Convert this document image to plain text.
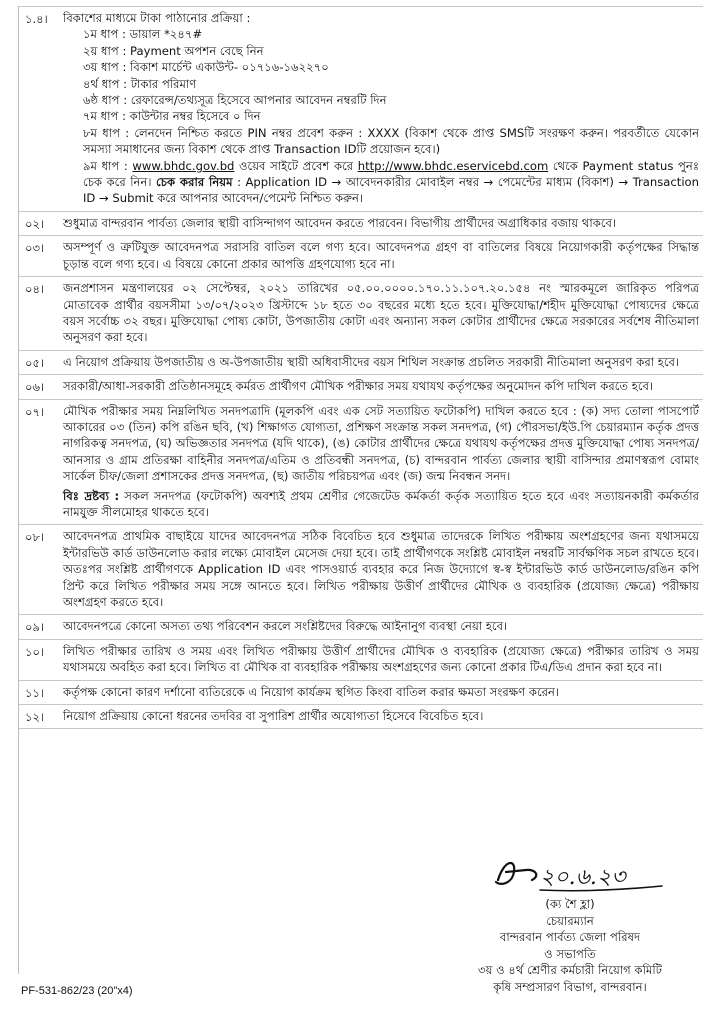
১.৪।	বিকাশের মাধ্যমে টাকা পাঠানোর প্রক্রিয়া :
১ম ধাপ : ডায়াল *২৪৭#
২য় ধাপ : Payment অপশন বেছে নিন
৩য় ধাপ : বিকাশ মার্চেন্ট একাউন্ট- ০১৭১৬-১৬২২৭০
৪র্থ ধাপ : টাকার পরিমাণ
৬ষ্ঠ ধাপ : রেফারেন্স/তথ্যসূত্র হিসেবে আপনার আবেদন নম্বরটি দিন
৭ম ধাপ : কাউন্টার নম্বর হিসেবে ০ দিন
৮ম ধাপ : লেনদেন নিশ্চিত করতে PIN নম্বর প্রবেশ করুন : XXXX (বিকাশ থেকে প্রাপ্ত SMSটি সংরক্ষণ করুন। পরবর্তীতে যেকোন সমস্যা সমাধানের জন্য বিকাশ থেকে প্রাপ্ত Transaction IDটি প্রয়োজন হবে।)
৯ম ধাপ : www.bhdc.gov.bd ওয়েব সাইটে প্রবেশ করে http://www.bhdc.eservicebd.com থেকে Payment status পুনঃ চেক করে নিন। চেক করার নিয়ম : Application ID → আবেদনকারীর মোবাইল নম্বর → পেমেন্টের মাধ্যম (বিকাশ) → Transaction ID → Submit করে আপনার আবেদন/পেমেন্ট নিশ্চিত করুন।
০২।	শুধুমাত্র বান্দরবান পার্বত্য জেলার স্থায়ী বাসিন্দাগণ আবেদন করতে পারবেন। বিভাগীয় প্রার্থীদের অগ্রাধিকার বজায় থাকবে।
০৩।	অসম্পূর্ণ ও ত্রুটিযুক্ত আবেদনপত্র সরাসরি বাতিল বলে গণ্য হবে। আবেদনপত্র গ্রহণ বা বাতিলের বিষয়ে নিয়োগকারী কর্তৃপক্ষের সিদ্ধান্ত চূড়ান্ত বলে গণ্য হবে। এ বিষয়ে কোনো প্রকার আপত্তি গ্রহণযোগ্য হবে না।
০৪।	জনপ্রশাসন মন্ত্রণালয়ের ০২ সেপ্টেম্বর, ২০২১ তারিখের ০৫.০০.০০০০.১৭০.১১.১০৭.২০.১৫৪ নং স্মারকমূলে জারিকৃত পরিপত্র মোতাবেক প্রার্থীর বয়সসীমা ১৩/০৭/২০২৩ খ্রিস্টাব্দে ১৮ হতে ৩০ বছরের মধ্যে হতে হবে। মুক্তিযোদ্ধা/শহীদ মুক্তিযোদ্ধা পোষ্যদের ক্ষেত্রে বয়স সর্বোচ্চ ৩২ বছর। মুক্তিযোদ্ধা পোষ্য কোটা, উপজাতীয় কোটা এবং অন্যান্য সকল কোটার প্রার্থীদের ক্ষেত্রে সরকারের সর্বশেষ নীতিমালা অনুসরণ করা হবে।
০৫।	এ নিয়োগ প্রক্রিয়ায় উপজাতীয় ও অ-উপজাতীয় স্থায়ী অধিবাসীদের বয়স শিথিল সংক্রান্ত প্রচলিত সরকারী নীতিমালা অনুসরণ করা হবে।
০৬।	সরকারী/আধা-সরকারী প্রতিষ্ঠানসমূহে কর্মরত প্রার্থীগণ মৌখিক পরীক্ষার সময় যথাযথ কর্তৃপক্ষের অনুমোদন কপি দাখিল করতে হবে।
০৭।	মৌখিক পরীক্ষার সময় নিম্নলিখিত সনদপত্রাদি (মূলকপি এবং এক সেট সত্যায়িত ফটোকপি) দাখিল করতে হবে : (ক) সদ্য তোলা পাসপোর্ট আকারের ০৩ (তিন) কপি রঙিন ছবি, (খ) শিক্ষাগত যোগ্যতা, প্রশিক্ষণ সংক্রান্ত সকল সনদপত্র, (গ) পৌরসভা/ইউ.পি চেয়ারম্যান কর্তৃক প্রদত্ত নাগরিকত্ব সনদপত্র, (ঘ) অভিজ্ঞতার সনদপত্র (যদি থাকে), (ঙ) কোটার প্রার্থীদের ক্ষেত্রে যথাযথ কর্তৃপক্ষের প্রদত্ত মুক্তিযোদ্ধা পোষ্য সনদপত্র/আনসার ও গ্রাম প্রতিরক্ষা বাহিনীর সনদপত্র/এতিম ও প্রতিবন্ধী সনদপত্র, (চ) বান্দরবান পার্বত্য জেলার স্থায়ী বাসিন্দার প্রমাণস্বরূপ বোমাং সার্কেল চীফ/জেলা প্রশাসকের প্রদত্ত সনদপত্র, (ছ) জাতীয় পরিচয়পত্র এবং (জ) জন্ম নিবন্ধন সনদ।
বিঃ দ্রষ্টব্য : সকল সনদপত্র (ফটোকপি) অবশ্যই প্রথম শ্রেণীর গেজেটেড কর্মকর্তা কর্তৃক সত্যায়িত হতে হবে এবং সত্যায়নকারী কর্মকর্তার নামযুক্ত সীলমোহর থাকতে হবে।
০৮।	আবেদনপত্র প্রাথমিক বাছাইয়ে যাদের আবেদনপত্র সঠিক বিবেচিত হবে শুধুমাত্র তাদেরকে লিখিত পরীক্ষায় অংশগ্রহণের জন্য যথাসময়ে ইন্টারভিউ কার্ড ডাউনলোড করার লক্ষ্যে মোবাইল মেসেজ দেয়া হবে। তাই প্রার্থীগণকে সংশ্লিষ্ট মোবাইল নম্বরটি সার্বক্ষণিক সচল রাখতে হবে। অতঃপর সংশ্লিষ্ট প্রার্থীগণকে Application ID এবং পাসওয়ার্ড ব্যবহার করে নিজ উদ্যোগে স্ব-স্ব ইন্টারভিউ কার্ড ডাউনলোড/রঙিন কপি প্রিন্ট করে লিখিত পরীক্ষার সময় সঙ্গে আনতে হবে। লিখিত পরীক্ষায় উত্তীর্ণ প্রার্থীদের মৌখিক ও ব্যবহারিক (প্রযোজ্য ক্ষেত্রে) পরীক্ষায় অংশগ্রহণ করতে হবে।
০৯।	আবেদনপত্রে কোনো অসত্য তথ্য পরিবেশন করলে সংশ্লিষ্টদের বিরুদ্ধে আইনানুগ ব্যবস্থা নেয়া হবে।
১০।	লিখিত পরীক্ষার তারিখ ও সময় এবং লিখিত পরীক্ষায় উত্তীর্ণ প্রার্থীদের মৌখিক ও ব্যবহারিক (প্রযোজ্য ক্ষেত্রে) পরীক্ষার তারিখ ও সময় যথাসময়ে অবহিত করা হবে। লিখিত বা মৌখিক বা ব্যবহারিক পরীক্ষায় অংশগ্রহণের জন্য কোনো প্রকার টিএ/ডিএ প্রদান করা হবে না।
১১।	কর্তৃপক্ষ কোনো কারণ দর্শানো ব্যতিরেকে এ নিয়োগ কার্যক্রম স্থগিত কিংবা বাতিল করার ক্ষমতা সংরক্ষণ করেন।
১২।	নিয়োগ প্রক্রিয়ায় কোনো ধরনের তদবির বা সুপারিশ প্রার্থীর অযোগ্যতা হিসেবে বিবেচিত হবে।
২০.৬.২৩
(ক্য শৈ হ্লা)
চেয়ারম্যান
বান্দরবান পার্বত্য জেলা পরিষদ
ও সভাপতি
৩য় ও ৪র্থ শ্রেণীর কর্মচারী নিয়োগ কমিটি
কৃষি সম্প্রসারণ বিভাগ, বান্দরবান।
PF-531-862/23 (20"x4)
